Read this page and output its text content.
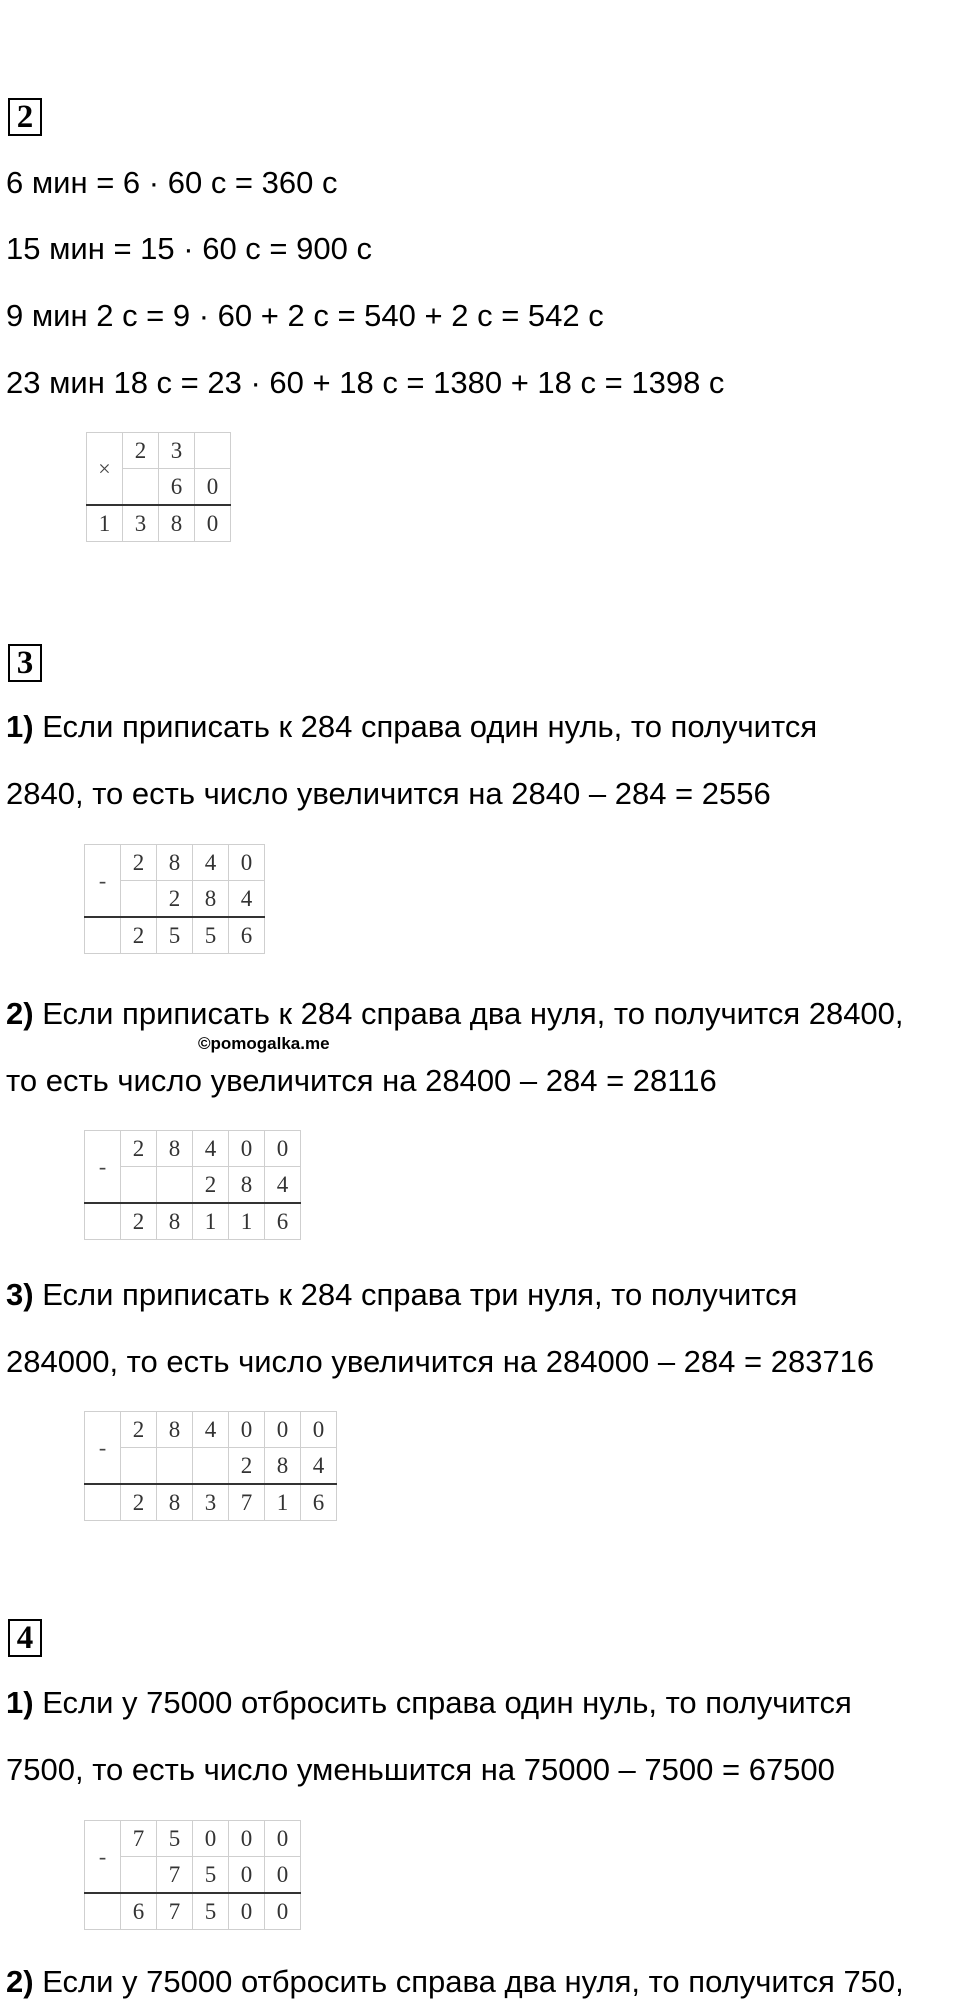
2
6 мин = 6 · 60 с = 360 с
15 мин = 15 · 60 с = 900 с
9 мин 2 с = 9 · 60 + 2 с = 540 + 2 с = 542 с
23 мин 18 с = 23 · 60 + 18 с = 1380 + 18 с = 1398 с
×	2	3	
		6	0
1	3	8	0
3
1) Если приписать к 284 справа один нуль, то получится
2840, то есть число увеличится на 2840 – 284 = 2556
-	2	8	4	0
		2	8	4
	2	5	5	6
2) Если приписать к 284 справа два нуля, то получится 28400,
©pomogalka.me
то есть число увеличится на 28400 – 284 = 28116
-	2	8	4	0	0
			2	8	4
	2	8	1	1	6
3) Если приписать к 284 справа три нуля, то получится
284000, то есть число увеличится на 284000 – 284 = 283716
-	2	8	4	0	0	0
				2	8	4
	2	8	3	7	1	6
4
1) Если у 75000 отбросить справа один нуль, то получится
7500, то есть число уменьшится на 75000 – 7500 = 67500
-	7	5	0	0	0
		7	5	0	0
	6	7	5	0	0
2) Если у 75000 отбросить справа два нуля, то получится 750,
